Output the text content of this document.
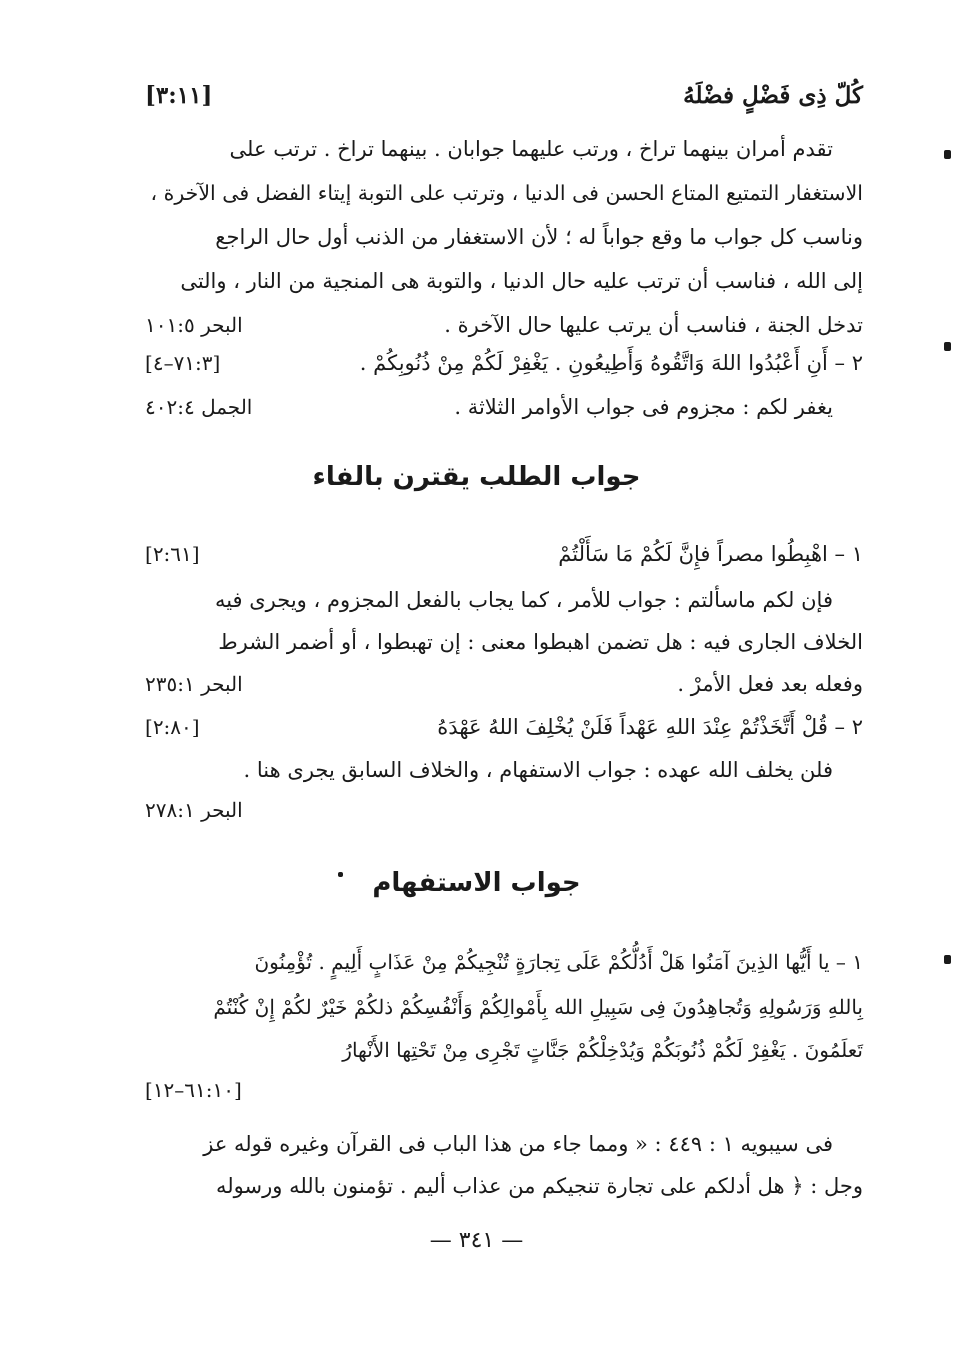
كُلّ ذِى فَضْلٍ فضْلَهُ
[٣:١١]
تقدم أمران بينهما تراخ ، ورتب عليهما جوابان . بينهما تراخ . ترتب على
الاستغفار التمتيع المتاع الحسن فى الدنيا ، وترتب على التوبة إيتاء الفضل فى الآخرة ،
وناسب كل جواب ما وقع جواباً له ؛ لأن الاستغفار من الذنب أول حال الراجع
إلى الله ، فناسب أن ترتب عليه حال الدنيا ، والتوبة هى المنجية من النار ، والتى
تدخل الجنة ، فناسب أن يرتب عليها حال الآخرة .
البحر ١٠١:٥
٢ – أَنِ أَعْبُدُوا اللهَ وَاتَّقُوهُ وَأَطِيعُونِ . يَغْفِرْ لَكُمْ مِنْ ذُنُوبِكُمْ .
[٧١:٣–٤]
يغفر لكم : مجزوم فى جواب الأوامر الثلاثة .
الجمل ٤٠٢:٤
جواب الطلب يقترن بالفاء
١ – اهْبِطُوا مصراً فإِنَّ لَكُمْ مَا سَأَلْتُمْ
[٢:٦١]
فإن لكم ماسألتم : جواب للأمر ، كما يجاب بالفعل المجزوم ، ويجرى فيه
الخلاف الجارى فيه : هل تضمن اهبطوا معنى : إن تهبطوا ، أو أضمر الشرط
وفعله بعد فعل الأمرْ .
البحر ٢٣٥:١
٢ – قُلْ أَتَّخَذْتُمْ عِنْدَ اللهِ عَهْداً فَلَنْ يُخْلِفَ اللهُ عَهْدَهُ
[٢:٨٠]
فلن يخلف الله عهده : جواب الاستفهام ، والخلاف السابق يجرى هنا .
البحر ٢٧٨:١
جواب الاستفهام
١ – يا أَيُّها الذِينَ آمَنُوا هَلْ أَدُلُّكُمْ عَلَى تِجارَةٍ تُنْجِيكُمْ مِنْ عَذَابٍ أَلِيمٍ . تُؤْمِنُونَ
بِاللهِ وَرَسُولِهِ وَتُجاهِدُونَ فِى سَبِيلِ الله بِأَمْوالِكُمْ وَأَنْفُسِكُمْ ذلكُمْ خَيْرٌ لكُمْ إِنْ كُنْتُمْ
تَعلَمُونَ . يَغْفِرْ لَكُمْ ذُنُوبَكُمْ وَيُدْخِلْكُمْ جَنَّاتٍ تَجْرِى مِنْ تَحْتِها الأَنْهارُ
[٦١:١٠–١٢]
فى سيبويه ١ : ٤٤٩ : « ومما جاء من هذا الباب فى القرآن وغيره قوله عز
وجل : ﴿ هل أدلكم على تجارة تنجيكم من عذاب أليم . تؤمنون بالله ورسوله
— ٣٤١ —
